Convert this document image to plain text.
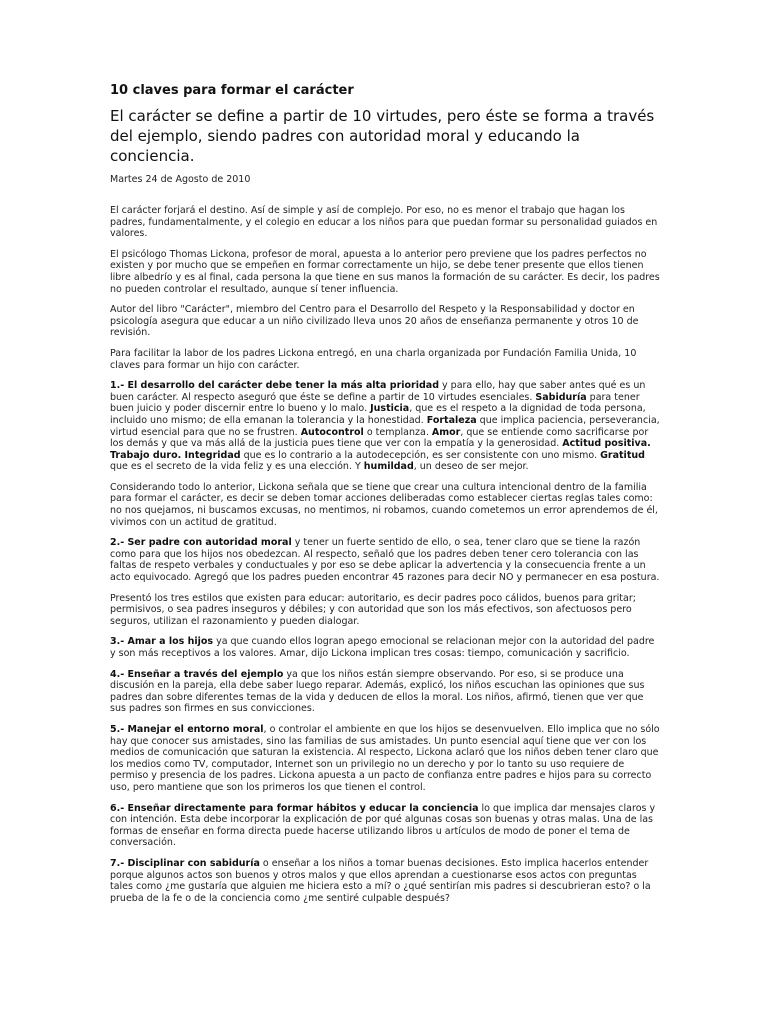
10 claves para formar el carácter
El carácter se define a partir de 10 virtudes, pero éste se forma a través del ejemplo, siendo padres con autoridad moral y educando la conciencia.
Martes 24 de Agosto de 2010

El carácter forjará el destino. Así de simple y así de complejo. Por eso, no es menor el trabajo que hagan los padres, fundamentalmente, y el colegio en educar a los niños para que puedan formar su personalidad guiados en valores.

El psicólogo Thomas Lickona, profesor de moral, apuesta a lo anterior pero previene que los padres perfectos no existen y por mucho que se empeñen en formar correctamente un hijo, se debe tener presente que ellos tienen libre albedrío y es al final, cada persona la que tiene en sus manos la formación de su carácter. Es decir, los padres no pueden controlar el resultado, aunque sí tener influencia.

Autor del libro "Carácter", miembro del Centro para el Desarrollo del Respeto y la Responsabilidad y doctor en psicología asegura que educar a un niño civilizado lleva unos 20 años de enseñanza permanente y otros 10 de revisión.

Para facilitar la labor de los padres Lickona entregó, en una charla organizada por Fundación Familia Unida, 10 claves para formar un hijo con carácter.

1.- El desarrollo del carácter debe tener la más alta prioridad y para ello, hay que saber antes qué es un buen carácter. Al respecto aseguró que éste se define a partir de 10 virtudes esenciales. Sabiduría para tener buen juicio y poder discernir entre lo bueno y lo malo. Justicia, que es el respeto a la dignidad de toda persona, incluido uno mismo; de ella emanan la tolerancia y la honestidad. Fortaleza que implica paciencia, perseverancia, virtud esencial para que no se frustren. Autocontrol o templanza. Amor, que se entiende como sacrificarse por los demás y que va más allá de la justicia pues tiene que ver con la empatía y la generosidad. Actitud positiva. Trabajo duro. Integridad que es lo contrario a la autodecepción, es ser consistente con uno mismo. Gratitud que es el secreto de la vida feliz y es una elección. Y humildad, un deseo de ser mejor.

Considerando todo lo anterior, Lickona señala que se tiene que crear una cultura intencional dentro de la familia para formar el carácter, es decir se deben tomar acciones deliberadas como establecer ciertas reglas tales como: no nos quejamos, ni buscamos excusas, no mentimos, ni robamos, cuando cometemos un error aprendemos de él, vivimos con un actitud de gratitud.

2.- Ser padre con autoridad moral y tener un fuerte sentido de ello, o sea, tener claro que se tiene la razón como para que los hijos nos obedezcan. Al respecto, señaló que los padres deben tener cero tolerancia con las faltas de respeto verbales y conductuales y por eso se debe aplicar la advertencia y la consecuencia frente a un acto equivocado. Agregó que los padres pueden encontrar 45 razones para decir NO y permanecer en esa postura.

Presentó los tres estilos que existen para educar: autoritario, es decir padres poco cálidos, buenos para gritar; permisivos, o sea padres inseguros y débiles; y con autoridad que son los más efectivos, son afectuosos pero seguros, utilizan el razonamiento y pueden dialogar.

3.- Amar a los hijos ya que cuando ellos logran apego emocional se relacionan mejor con la autoridad del padre y son más receptivos a los valores. Amar, dijo Lickona implican tres cosas: tiempo, comunicación y sacrificio.

4.- Enseñar a través del ejemplo ya que los niños están siempre observando. Por eso, si se produce una discusión en la pareja, ella debe saber luego reparar. Además, explicó, los niños escuchan las opiniones que sus padres dan sobre diferentes temas de la vida y deducen de ellos la moral. Los niños, afirmó, tienen que ver que sus padres son firmes en sus convicciones.

5.- Manejar el entorno moral, o controlar el ambiente en que los hijos se desenvuelven. Ello implica que no sólo hay que conocer sus amistades, sino las familias de sus amistades. Un punto esencial aquí tiene que ver con los medios de comunicación que saturan la existencia. Al respecto, Lickona aclaró que los niños deben tener claro que los medios como TV, computador, Internet son un privilegio no un derecho y por lo tanto su uso requiere de permiso y presencia de los padres. Lickona apuesta a un pacto de confianza entre padres e hijos para su correcto uso, pero mantiene que son los primeros los que tienen el control.

6.- Enseñar directamente para formar hábitos y educar la conciencia lo que implica dar mensajes claros y con intención. Esta debe incorporar la explicación de por qué algunas cosas son buenas y otras malas. Una de las formas de enseñar en forma directa puede hacerse utilizando libros u artículos de modo de poner el tema de conversación.

7.- Disciplinar con sabiduría o enseñar a los niños a tomar buenas decisiones. Esto implica hacerlos entender porque algunos actos son buenos y otros malos y que ellos aprendan a cuestionarse esos actos con preguntas tales como ¿me gustaría que alguien me hiciera esto a mí? o ¿qué sentirían mis padres si descubrieran esto? o la prueba de la fe o de la conciencia como ¿me sentiré culpable después?
